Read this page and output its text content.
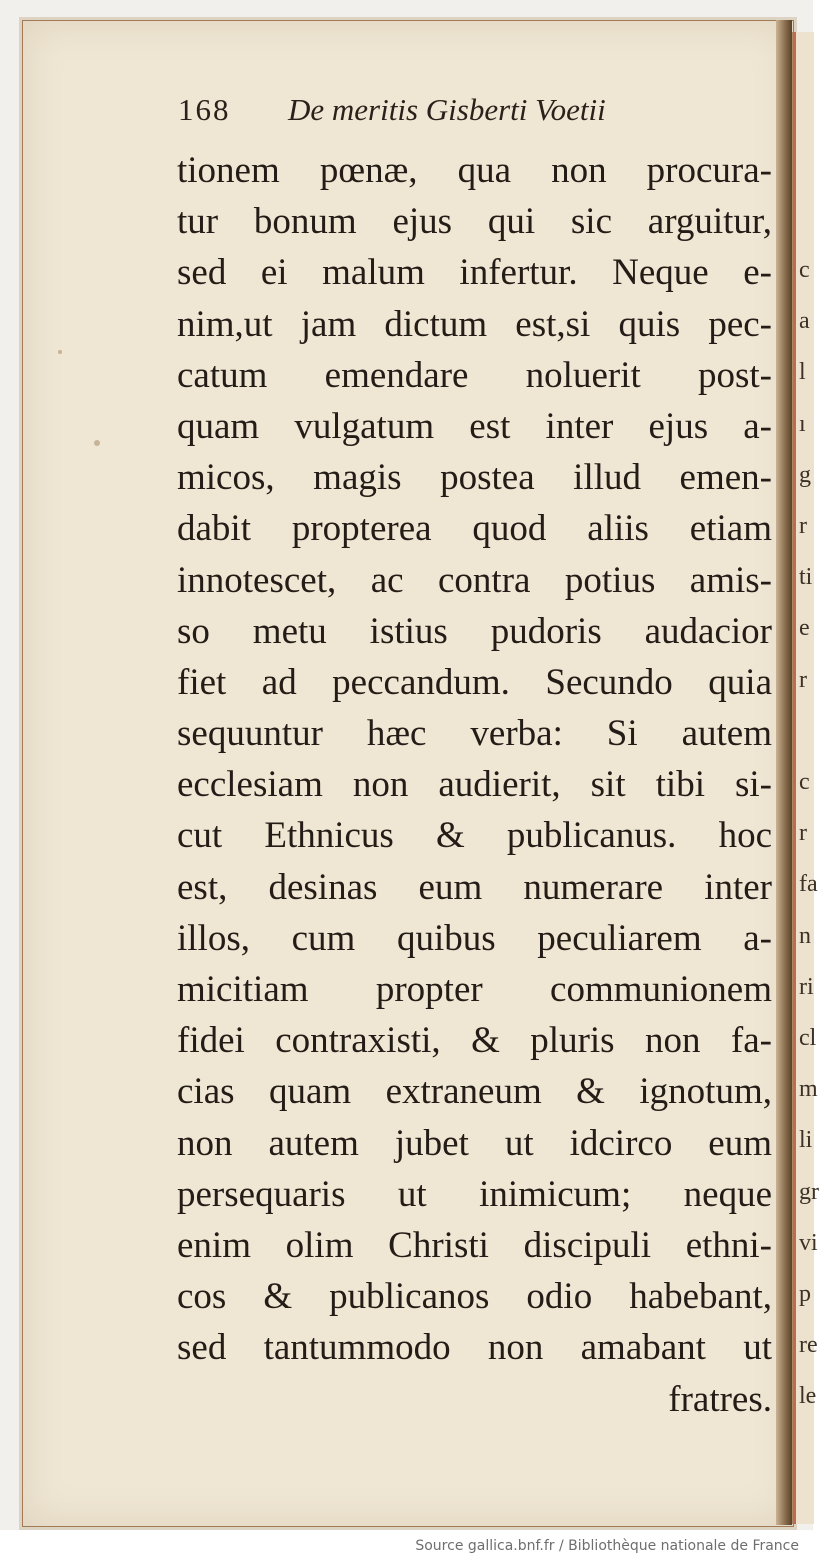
c
a
l
ı
g
r
ti
e
r
c
r
fa
n
ri
cl
m
li
gr
vi
p
re
le
168 De meritis Gisberti Voetii
tionem pœnæ, qua non procura-
tur bonum ejus qui sic arguitur,
sed ei malum infertur. Neque e-
nim,ut jam dictum est,si quis pec-
catum emendare noluerit post-
quam vulgatum est inter ejus a-
micos, magis postea illud emen-
dabit propterea quod aliis etiam
innotescet, ac contra potius amis-
so metu istius pudoris audacior
fiet ad peccandum. Secundo quia
sequuntur hæc verba: Si autem
ecclesiam non audierit, sit tibi si-
cut Ethnicus & publicanus. hoc
est, desinas eum numerare inter
illos, cum quibus peculiarem a-
micitiam propter communionem
fidei contraxisti, & pluris non fa-
cias quam extraneum & ignotum,
non autem jubet ut idcirco eum
persequaris ut inimicum; neque
enim olim Christi discipuli ethni-
cos & publicanos odio habebant,
sed tantummodo non amabant ut
fratres.
Source gallica.bnf.fr / Bibliothèque nationale de France
